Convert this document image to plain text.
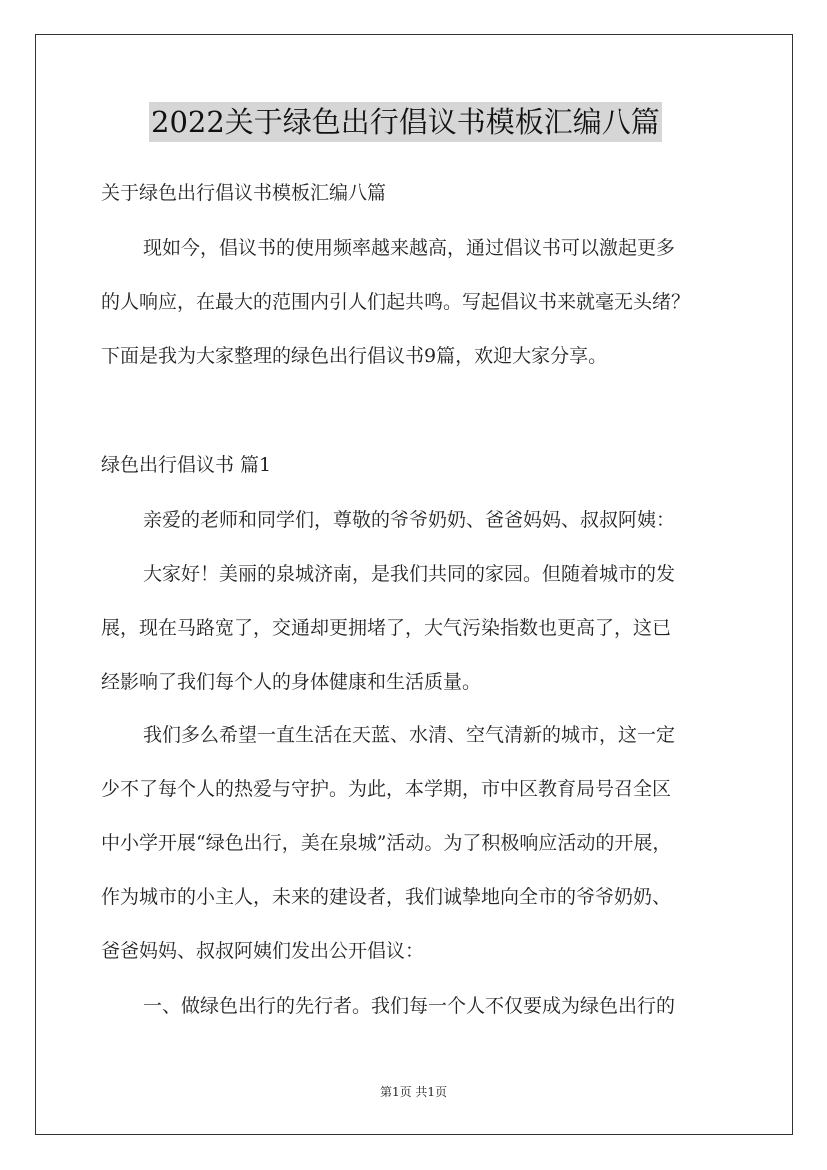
2022关于绿色出行倡议书模板汇编八篇
关于绿色出行倡议书模板汇编八篇
现如今，倡议书的使用频率越来越高，通过倡议书可以激起更多
的人响应，在最大的范围内引人们起共鸣。写起倡议书来就毫无头绪？
下面是我为大家整理的绿色出行倡议书9篇，欢迎大家分享。
绿色出行倡议书 篇1
亲爱的老师和同学们，尊敬的爷爷奶奶、爸爸妈妈、叔叔阿姨：
大家好！美丽的泉城济南，是我们共同的家园。但随着城市的发
展，现在马路宽了，交通却更拥堵了，大气污染指数也更高了，这已
经影响了我们每个人的身体健康和生活质量。
我们多么希望一直生活在天蓝、水清、空气清新的城市，这一定
少不了每个人的热爱与守护。为此，本学期，市中区教育局号召全区
中小学开展“绿色出行，美在泉城”活动。为了积极响应活动的开展，
作为城市的小主人，未来的建设者，我们诚挚地向全市的爷爷奶奶、
爸爸妈妈、叔叔阿姨们发出公开倡议：
一、做绿色出行的先行者。我们每一个人不仅要成为绿色出行的
第1页 共1页
